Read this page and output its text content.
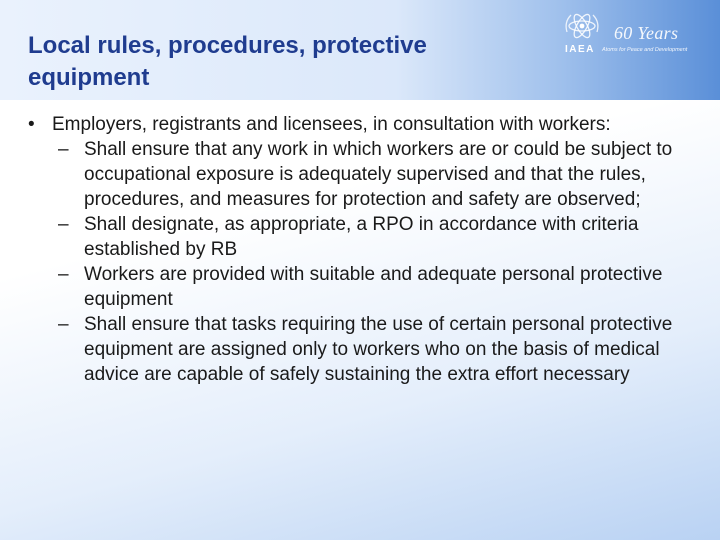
Local rules, procedures, protective equipment
60 Years
IAEA Atoms for Peace and Development
• Employers, registrants and licensees, in consultation with workers:
– Shall ensure that any work in which workers are or could be subject to occupational exposure is adequately supervised and that the rules, procedures, and measures for protection and safety are observed;
– Shall designate, as appropriate, a RPO in accordance with criteria established by RB
– Workers are provided with suitable and adequate personal protective equipment
– Shall ensure that tasks requiring the use of certain personal protective equipment are assigned only to workers who on the basis of medical advice are capable of safely sustaining the extra effort necessary
